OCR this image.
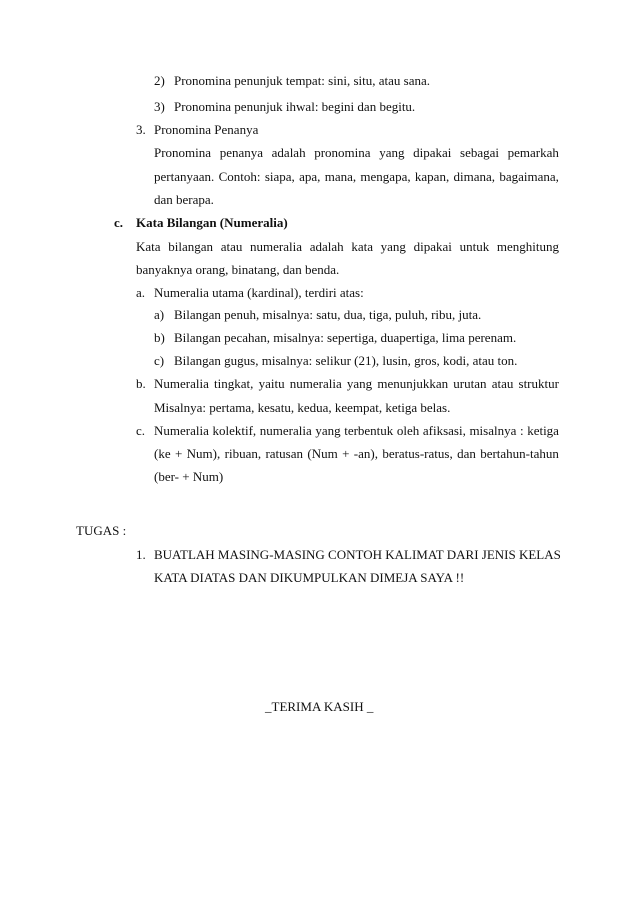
2) Pronomina penunjuk tempat: sini, situ, atau sana.
3) Pronomina penunjuk ihwal: begini dan begitu.
3. Pronomina Penanya
Pronomina penanya adalah pronomina yang dipakai sebagai pemarkah
pertanyaan. Contoh: siapa, apa, mana, mengapa, kapan, dimana, bagaimana,
dan berapa.
c. Kata Bilangan (Numeralia)
Kata bilangan atau numeralia adalah kata yang dipakai untuk menghitung
banyaknya orang, binatang, dan benda.
a. Numeralia utama (kardinal), terdiri atas:
a) Bilangan penuh, misalnya: satu, dua, tiga, puluh, ribu, juta.
b) Bilangan pecahan, misalnya: sepertiga, duapertiga, lima perenam.
c) Bilangan gugus, misalnya: selikur (21), lusin, gros, kodi, atau ton.
b. Numeralia tingkat, yaitu numeralia yang menunjukkan urutan atau struktur
Misalnya: pertama, kesatu, kedua, keempat, ketiga belas.
c. Numeralia kolektif, numeralia yang terbentuk oleh afiksasi, misalnya : ketiga
(ke + Num), ribuan, ratusan (Num + -an), beratus-ratus, dan bertahun-tahun
(ber- + Num)
TUGAS :
1. BUATLAH MASING-MASING CONTOH KALIMAT DARI JENIS KELAS
KATA DIATAS DAN DIKUMPULKAN DIMEJA SAYA !!
_TERIMA KASIH _
